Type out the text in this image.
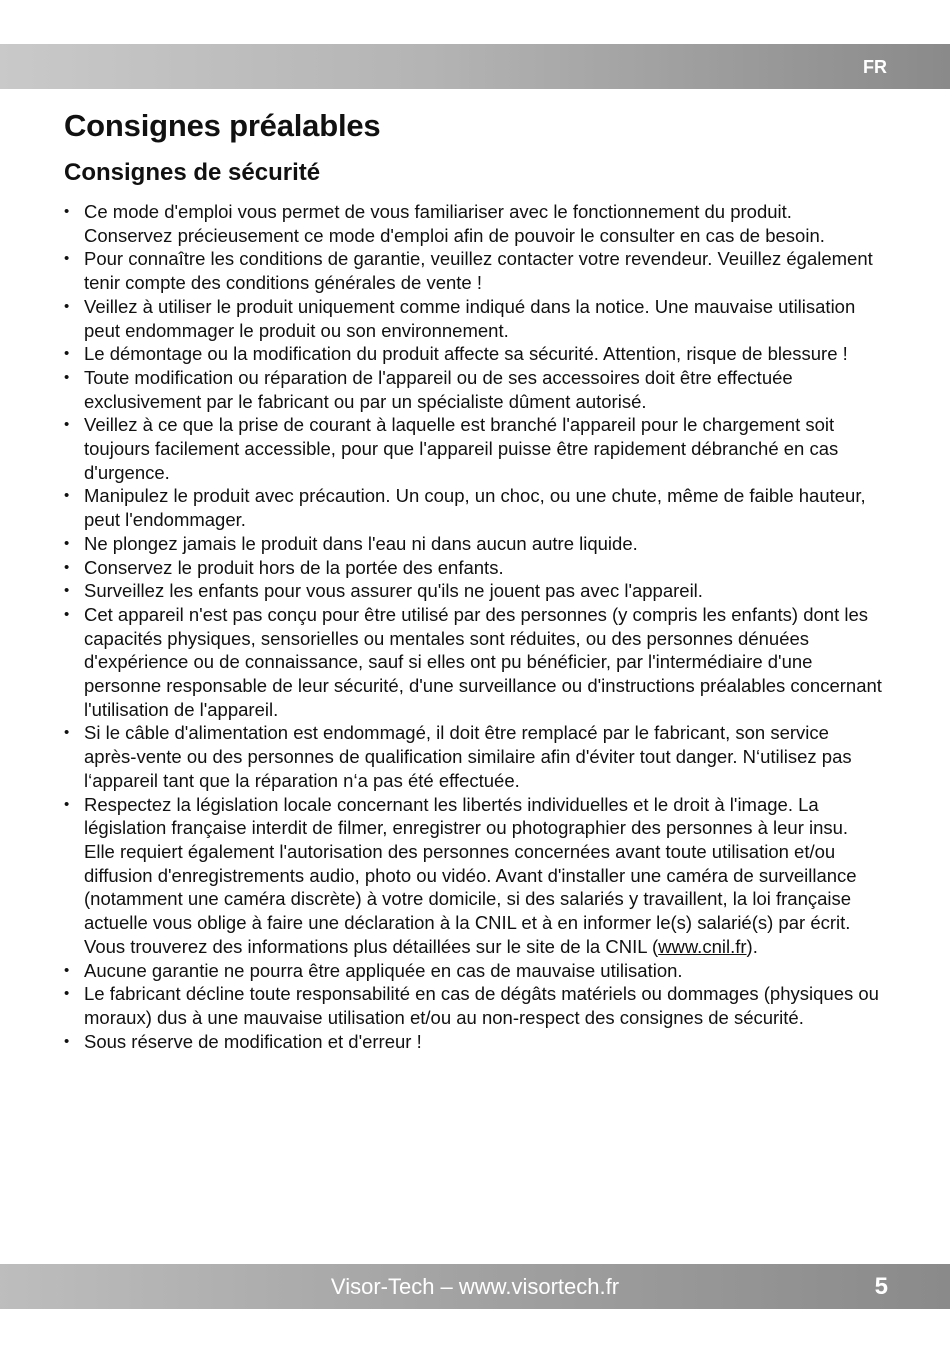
FR
Consignes préalables
Consignes de sécurité
• Ce mode d'emploi vous permet de vous familiariser avec le fonctionnement du produit. Conservez précieusement ce mode d'emploi afin de pouvoir le consulter en cas de besoin.
• Pour connaître les conditions de garantie, veuillez contacter votre revendeur. Veuillez également tenir compte des conditions générales de vente !
• Veillez à utiliser le produit uniquement comme indiqué dans la notice. Une mauvaise utilisation peut endommager le produit ou son environnement.
• Le démontage ou la modification du produit affecte sa sécurité. Attention, risque de blessure !
• Toute modification ou réparation de l'appareil ou de ses accessoires doit être effectuée exclusivement par le fabricant ou par un spécialiste dûment autorisé.
• Veillez à ce que la prise de courant à laquelle est branché l'appareil pour le chargement soit toujours facilement accessible, pour que l'appareil puisse être rapidement débranché en cas d'urgence.
• Manipulez le produit avec précaution. Un coup, un choc, ou une chute, même de faible hauteur, peut l'endommager.
• Ne plongez jamais le produit dans l'eau ni dans aucun autre liquide.
• Conservez le produit hors de la portée des enfants.
• Surveillez les enfants pour vous assurer qu'ils ne jouent pas avec l'appareil.
• Cet appareil n'est pas conçu pour être utilisé par des personnes (y compris les enfants) dont les capacités physiques, sensorielles ou mentales sont réduites, ou des personnes dénuées d'expérience ou de connaissance, sauf si elles ont pu bénéficier, par l'intermédiaire d'une personne responsable de leur sécurité, d'une surveillance ou d'instructions préalables concernant l'utilisation de l'appareil.
• Si le câble d'alimentation est endommagé, il doit être remplacé par le fabricant, son service après-vente ou des personnes de qualification similaire afin d'éviter tout danger. N‘utilisez pas l‘appareil tant que la réparation n‘a pas été effectuée.
• Respectez la législation locale concernant les libertés individuelles et le droit à l'image. La législation française interdit de filmer, enregistrer ou photographier des personnes à leur insu. Elle requiert également l'autorisation des personnes concernées avant toute utilisation et/ou diffusion d'enregistrements audio, photo ou vidéo. Avant d'installer une caméra de surveillance (notamment une caméra discrète) à votre domicile, si des salariés y travaillent, la loi française actuelle vous oblige à faire une déclaration à la CNIL et à en informer le(s) salarié(s) par écrit. Vous trouverez des informations plus détaillées sur le site de la CNIL (www.cnil.fr).
• Aucune garantie ne pourra être appliquée en cas de mauvaise utilisation.
• Le fabricant décline toute responsabilité en cas de dégâts matériels ou dommages (physiques ou moraux) dus à une mauvaise utilisation et/ou au non-respect des consignes de sécurité.
• Sous réserve de modification et d'erreur !
Visor-Tech – www.visortech.fr	5
